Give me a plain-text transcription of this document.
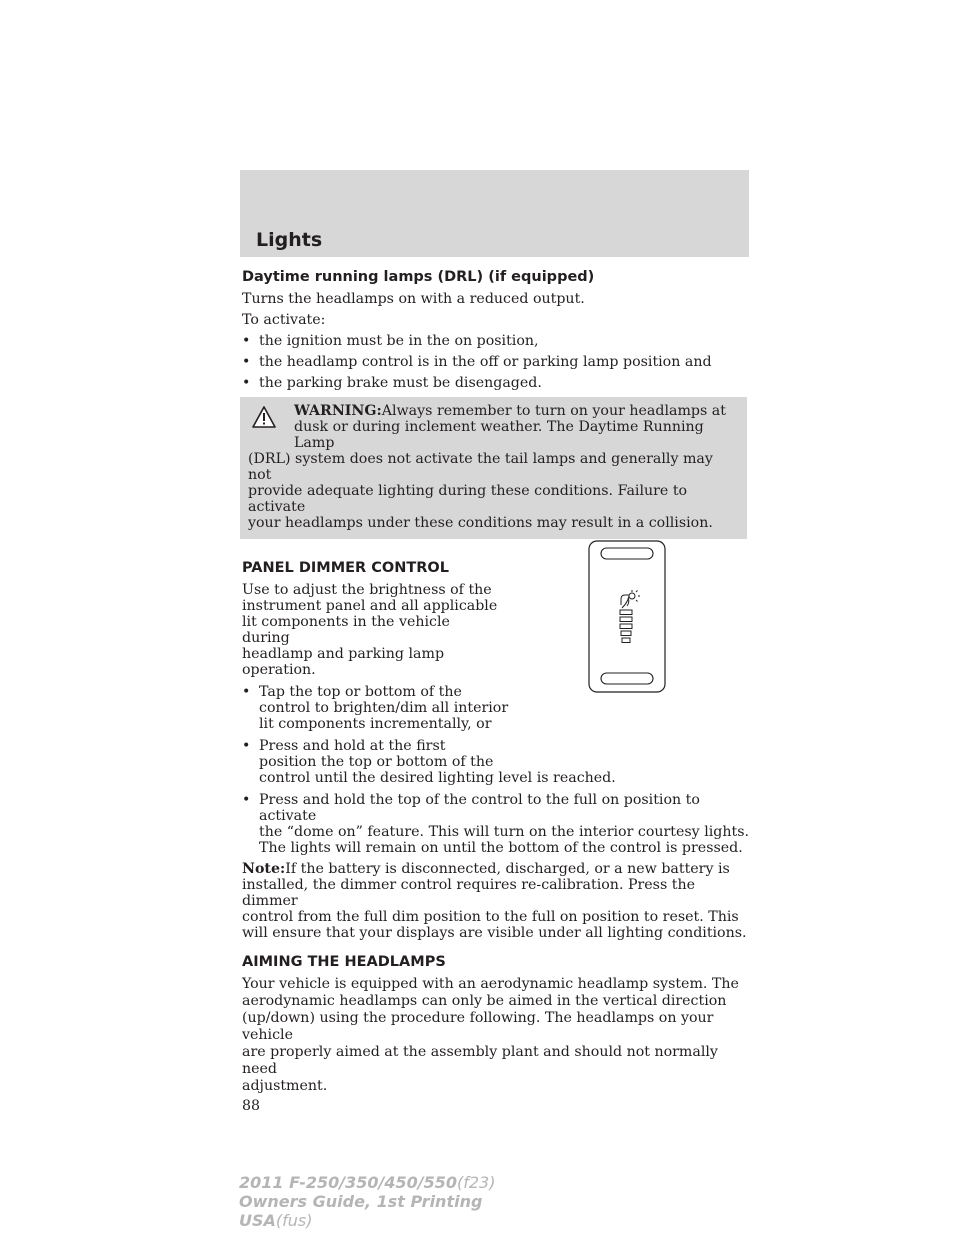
Lights
Daytime running lamps (DRL) (if equipped)
Turns the headlamps on with a reduced output.
To activate:
• the ignition must be in the on position,
• the headlamp control is in the off or parking lamp position and
• the parking brake must be disengaged.
WARNING:Always remember to turn on your headlamps at
dusk or during inclement weather. The Daytime Running Lamp
(DRL) system does not activate the tail lamps and generally may not
provide adequate lighting during these conditions. Failure to activate
your headlamps under these conditions may result in a collision.
PANEL DIMMER CONTROL
Use to adjust the brightness of the
instrument panel and all applicable
lit components in the vehicle during
headlamp and parking lamp
operation.
• Tap the top or bottom of the
control to brighten/dim all interior
lit components incrementally, or
• Press and hold at the first
position the top or bottom of the
control until the desired lighting level is reached.
• Press and hold the top of the control to the full on position to activate
the “dome on” feature. This will turn on the interior courtesy lights.
The lights will remain on until the bottom of the control is pressed.
Note:If the battery is disconnected, discharged, or a new battery is
installed, the dimmer control requires re-calibration. Press the dimmer
control from the full dim position to the full on position to reset. This
will ensure that your displays are visible under all lighting conditions.
AIMING THE HEADLAMPS
Your vehicle is equipped with an aerodynamic headlamp system. The
aerodynamic headlamps can only be aimed in the vertical direction
(up/down) using the procedure following. The headlamps on your vehicle
are properly aimed at the assembly plant and should not normally need
adjustment.
88
2011 F-250/350/450/550(f23)
Owners Guide, 1st Printing
USA(fus)
